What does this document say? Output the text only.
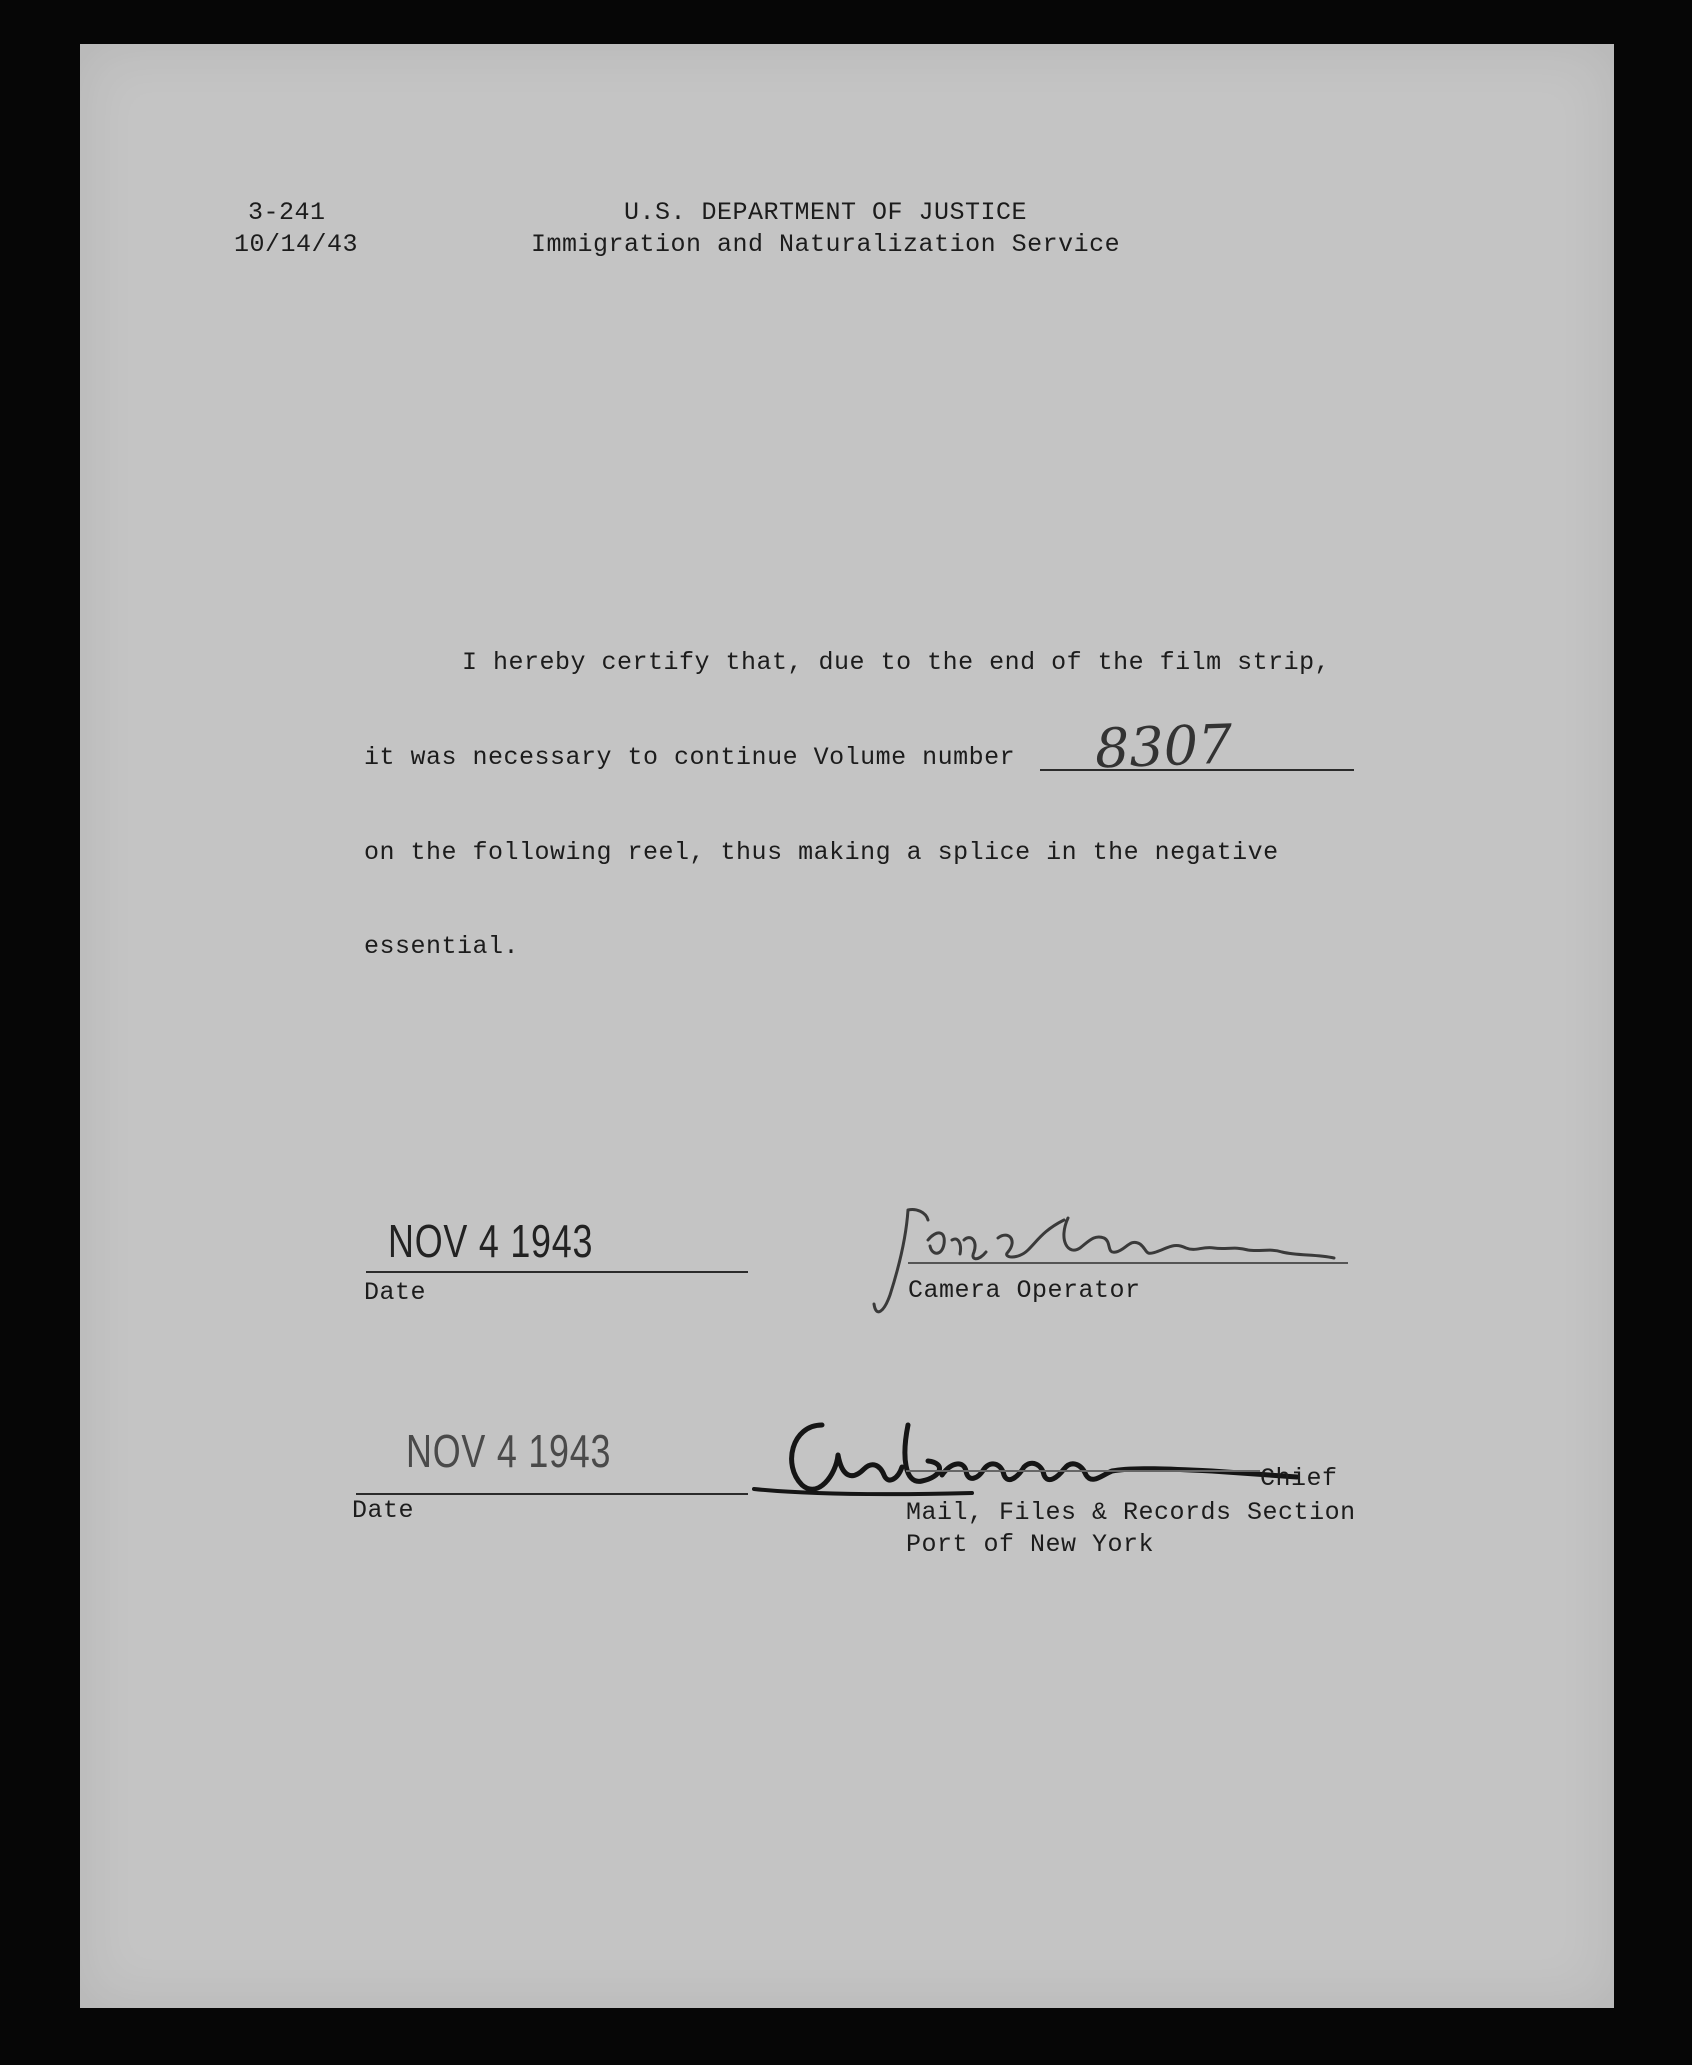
3-241
10/14/43
U.S. DEPARTMENT OF JUSTICE
Immigration and Naturalization Service
I hereby certify that, due to the end of the film strip,
it was necessary to continue Volume number 8307
on the following reel, thus making a splice in the negative
essential.
NOV 4 1943
Date	Camera Operator
NOV 4 1943
Date
Chief
Mail, Files & Records Section
Port of New York
